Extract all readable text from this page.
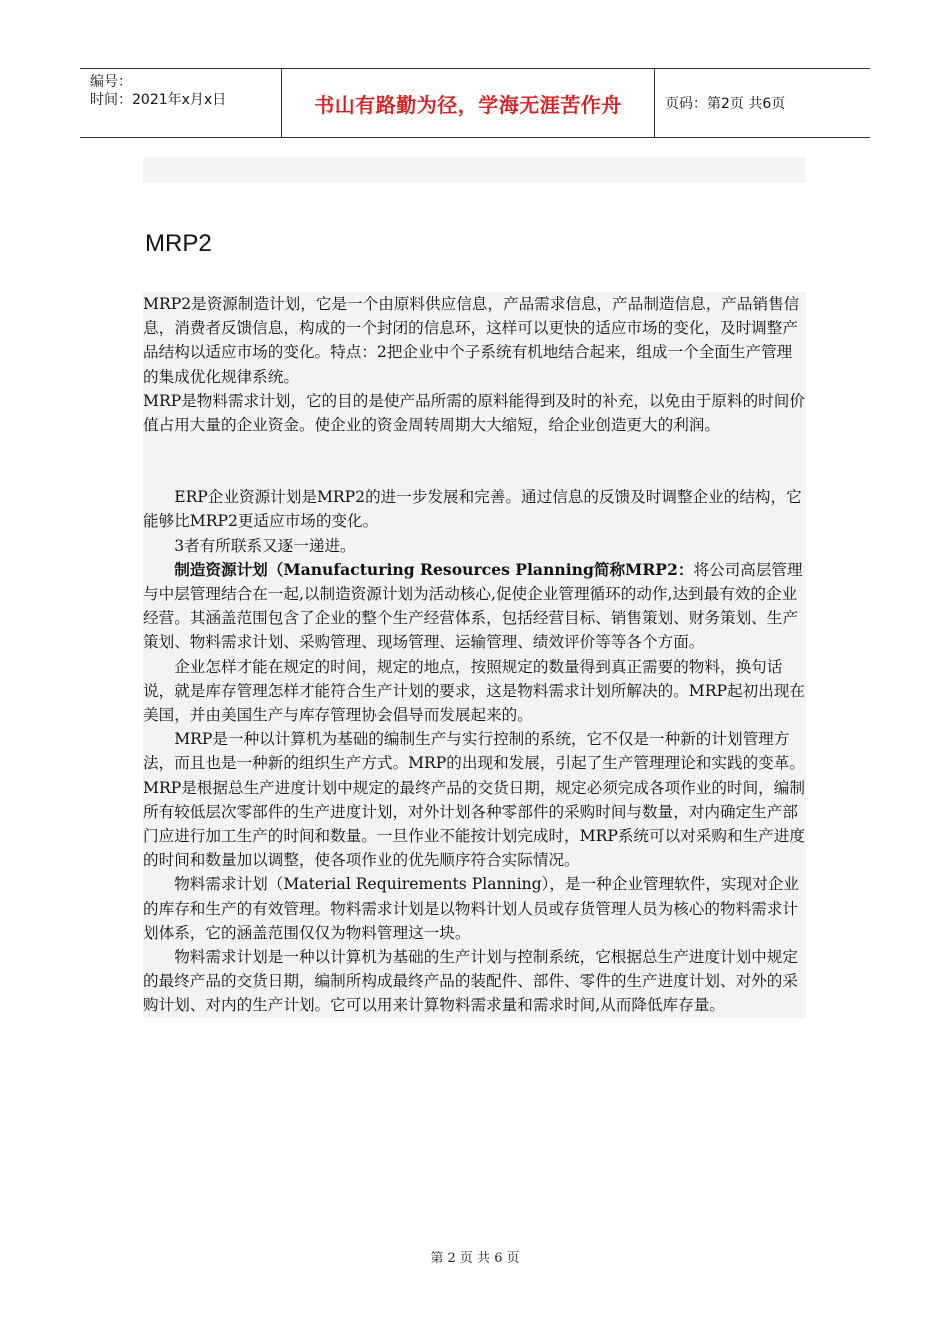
编号：
时间：2021年x月x日	书山有路勤为径，学海无涯苦作舟	页码：第2页 共6页
MRP2

MRP2是资源制造计划，它是一个由原料供应信息，产品需求信息，产品制造信息，产品销售信息，消费者反馈信息，构成的一个封闭的信息环，这样可以更快的适应市场的变化，及时调整产品结构以适应市场的变化。特点：2把企业中个子系统有机地结合起来，组成一个全面生产管理的集成优化规律系统。

MRP是物料需求计划，它的目的是使产品所需的原料能得到及时的补充，以免由于原料的时间价值占用大量的企业资金。使企业的资金周转周期大大缩短，给企业创造更大的利润。

ERP企业资源计划是MRP2的进一步发展和完善。通过信息的反馈及时调整企业的结构，它能够比MRP2更适应市场的变化。

3者有所联系又逐一递进。

制造资源计划（Manufacturing Resources Planning简称MRP2：将公司高层管理与中层管理结合在一起,以制造资源计划为活动核心,促使企业管理循环的动作,达到最有效的企业经营。其涵盖范围包含了企业的整个生产经营体系，包括经营目标、销售策划、财务策划、生产策划、物料需求计划、采购管理、现场管理、运输管理、绩效评价等等各个方面。

企业怎样才能在规定的时间，规定的地点，按照规定的数量得到真正需要的物料，换句话说，就是库存管理怎样才能符合生产计划的要求，这是物料需求计划所解决的。MRP起初出现在美国，并由美国生产与库存管理协会倡导而发展起来的。

MRP是一种以计算机为基础的编制生产与实行控制的系统，它不仅是一种新的计划管理方法，而且也是一种新的组织生产方式。MRP的出现和发展，引起了生产管理理论和实践的变革。MRP是根据总生产进度计划中规定的最终产品的交货日期，规定必须完成各项作业的时间，编制所有较低层次零部件的生产进度计划，对外计划各种零部件的采购时间与数量，对内确定生产部门应进行加工生产的时间和数量。一旦作业不能按计划完成时，MRP系统可以对采购和生产进度的时间和数量加以调整，使各项作业的优先顺序符合实际情况。

物料需求计划（Material Requirements Planning），是一种企业管理软件，实现对企业的库存和生产的有效管理。物料需求计划是以物料计划人员或存货管理人员为核心的物料需求计划体系，它的涵盖范围仅仅为物料管理这一块。

物料需求计划是一种以计算机为基础的生产计划与控制系统，它根据总生产进度计划中规定的最终产品的交货日期，编制所构成最终产品的装配件、部件、零件的生产进度计划、对外的采购计划、对内的生产计划。它可以用来计算物料需求量和需求时间,从而降低库存量。

第 2 页 共 6 页
